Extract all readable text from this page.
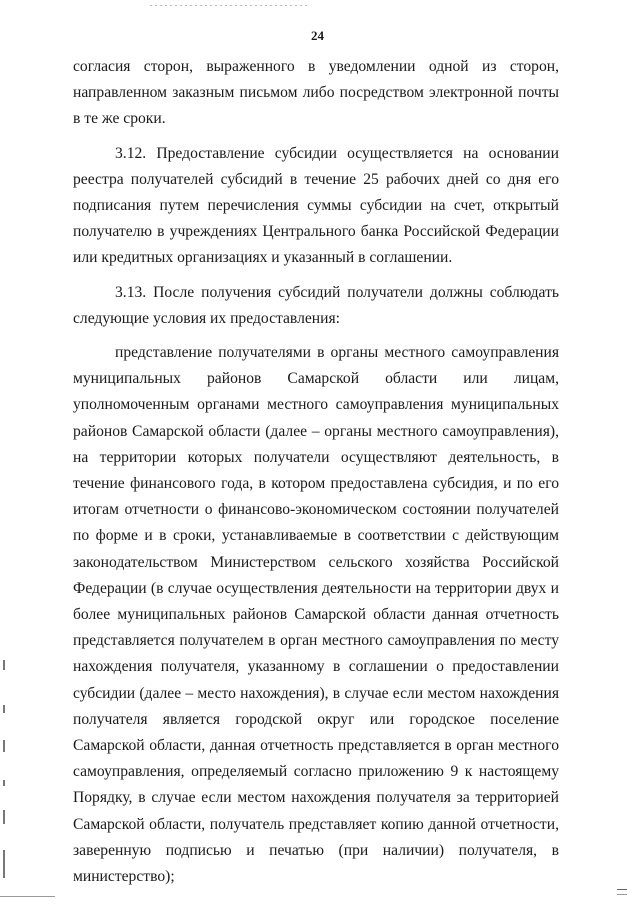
24

согласия сторон, выраженного в уведомлении одной из сторон, направленном заказным письмом либо посредством электронной почты в те же сроки.

3.12. Предоставление субсидии осуществляется на основании реестра получателей субсидий в течение 25 рабочих дней со дня его подписания путем перечисления суммы субсидии на счет, открытый получателю в учреждениях Центрального банка Российской Федерации или кредитных организациях и указанный в соглашении.

3.13. После получения субсидий получатели должны соблюдать следующие условия их предоставления:

представление получателями в органы местного самоуправления муниципальных районов Самарской области или лицам, уполномоченным органами местного самоуправления муниципальных районов Самарской области (далее – органы местного самоуправления), на территории которых получатели осуществляют деятельность, в течение финансового года, в котором предоставлена субсидия, и по его итогам отчетности о финансово-экономическом состоянии получателей по форме и в сроки, устанавливаемые в соответствии с действующим законодательством Министерством сельского хозяйства Российской Федерации (в случае осуществления деятельности на территории двух и более муниципальных районов Самарской области данная отчетность представляется получателем в орган местного самоуправления по месту нахождения получателя, указанному в соглашении о предоставлении субсидии (далее – место нахождения), в случае если местом нахождения получателя является городской округ или городское поселение Самарской области, данная отчетность представляется в орган местного самоуправления, определяемый согласно приложению 9 к настоящему Порядку, в случае если местом нахождения получателя за территорией Самарской области, получатель представляет копию данной отчетности, заверенную подписью и печатью (при наличии) получателя, в министерство);
